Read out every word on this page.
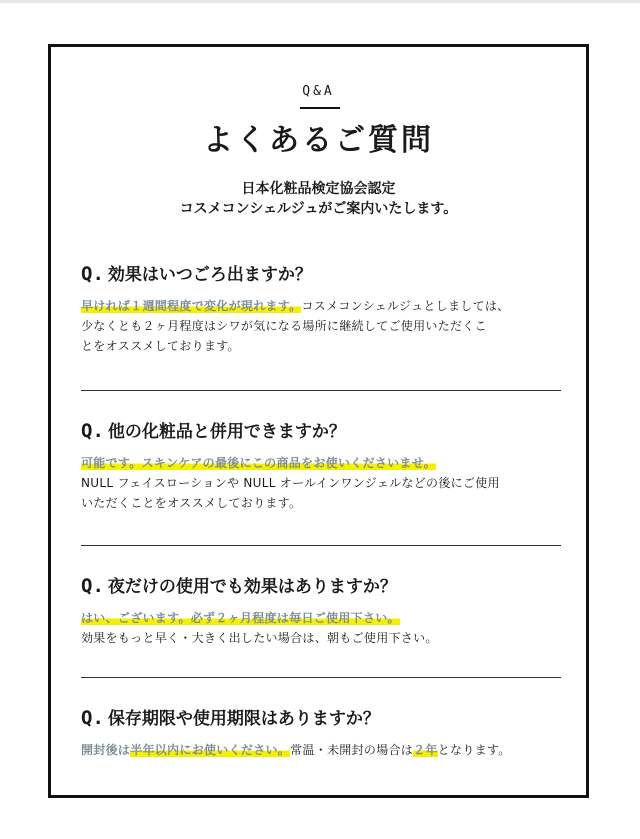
Q&A
よくあるご質問
日本化粧品検定協会認定
コスメコンシェルジュがご案内いたします。
Q. 効果はいつごろ出ますか？
早ければ１週間程度で変化が現れます。コスメコンシェルジュとしましては、
少なくとも２ヶ月程度はシワが気になる場所に継続してご使用いただくこ
とをオススメしております。
Q. 他の化粧品と併用できますか？
可能です。スキンケアの最後にこの商品をお使いくださいませ。
NULL フェイスローションや NULL オールインワンジェルなどの後にご使用
いただくことをオススメしております。
Q. 夜だけの使用でも効果はありますか？
はい、ございます。必ず２ヶ月程度は毎日ご使用下さい。
効果をもっと早く・大きく出したい場合は、朝もご使用下さい。
Q. 保存期限や使用期限はありますか？
開封後は半年以内にお使いください。常温・未開封の場合は２年となります。
